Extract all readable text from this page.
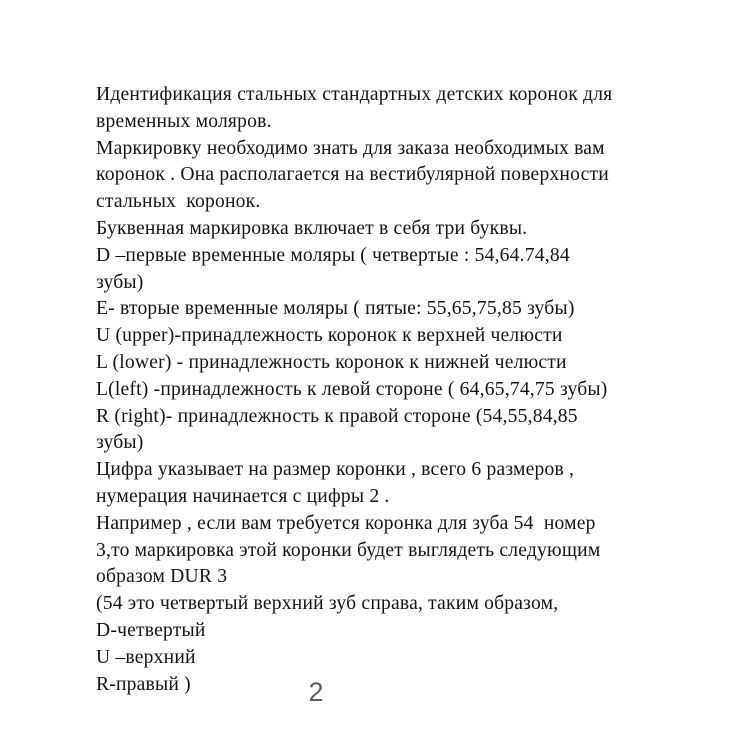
Идентификация стальных стандартных детских коронок для
временных моляров.
Маркировку необходимо знать для заказа необходимых вам
коронок . Она располагается на вестибулярной поверхности
стальных  коронок.
Буквенная маркировка включает в себя три буквы.
D –первые временные моляры ( четвертые : 54,64.74,84
зубы)
E- вторые временные моляры ( пятые: 55,65,75,85 зубы)
U (upper)-принадлежность коронок к верхней челюсти
L (lower) - принадлежность коронок к нижней челюсти
L(left) -принадлежность к левой стороне ( 64,65,74,75 зубы)
R (right)- принадлежность к правой стороне (54,55,84,85
зубы)
Цифра указывает на размер коронки , всего 6 размеров ,
нумерация начинается с цифры 2 .
Например , если вам требуется коронка для зуба 54  номер
3,то маркировка этой коронки будет выглядеть следующим
образом DUR 3
(54 это четвертый верхний зуб справа, таким образом,
D-четвертый
U –верхний
R-правый )	2
